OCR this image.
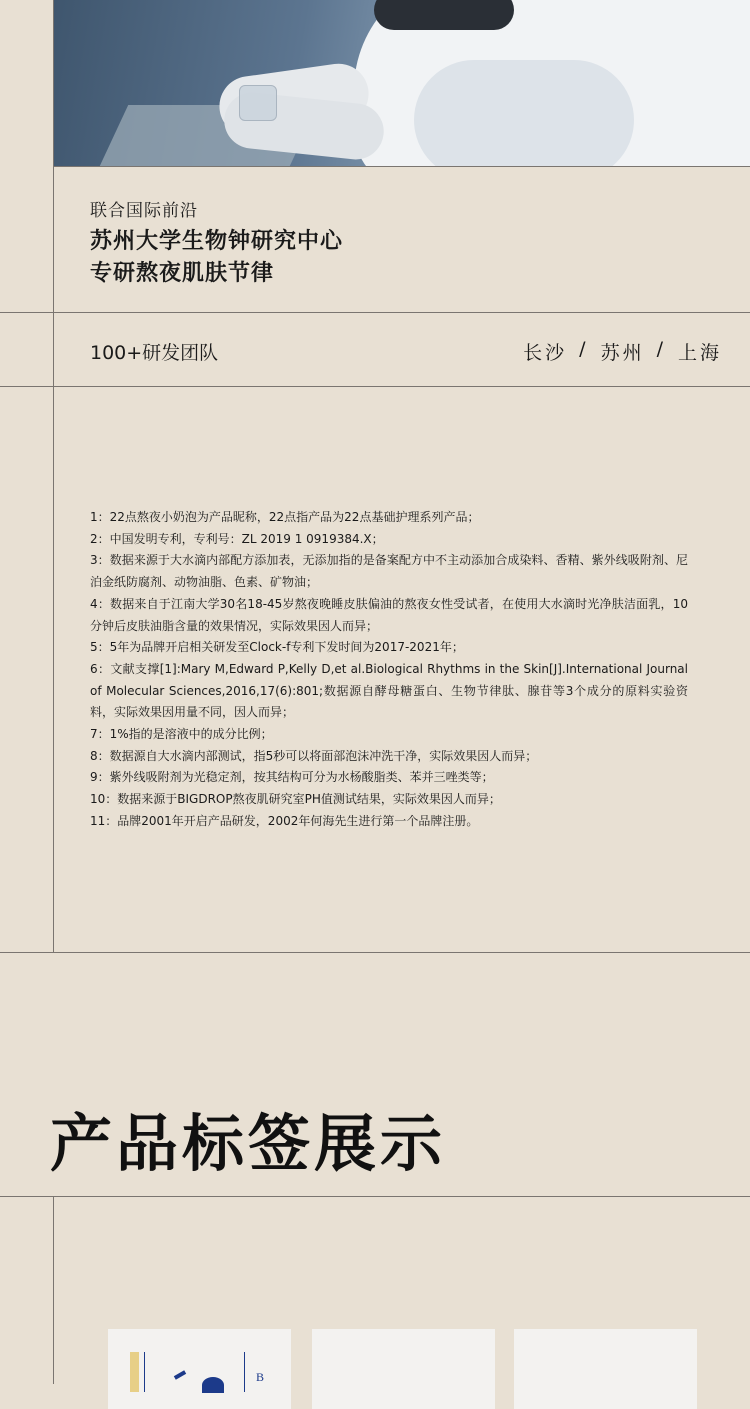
联合国际前沿
苏州大学生物钟研究中心
专研熬夜肌肤节律
100+研发团队	长沙 / 苏州 / 上海

1：22点熬夜小奶泡为产品昵称，22点指产品为22点基础护理系列产品；

2：中国发明专利，专利号：ZL 2019 1 0919384.X；

3：数据来源于大水滴内部配方添加表，无添加指的是备案配方中不主动添加合成染料、香精、紫外线吸附剂、尼泊金纸防腐剂、动物油脂、色素、矿物油；

4：数据来自于江南大学30名18-45岁熬夜晚睡皮肤偏油的熬夜女性受试者，在使用大水滴时光净肤洁面乳，10分钟后皮肤油脂含量的效果情况，实际效果因人而异；

5：5年为品牌开启相关研发至Clock-f专利下发时间为2017-2021年；

6：文献支撑[1]:Mary M,Edward P,Kelly D,et al.Biological Rhythms in the Skin[J].International Journal of Molecular Sciences,2016,17(6):801;数据源自酵母糖蛋白、生物节律肽、腺苷等3个成分的原料实验资料，实际效果因用量不同，因人而异；

7：1%指的是溶液中的成分比例；

8：数据源自大水滴内部测试，指5秒可以将面部泡沫冲洗干净，实际效果因人而异；

9：紫外线吸附剂为光稳定剂，按其结构可分为水杨酸脂类、苯并三唑类等；

10：数据来源于BIGDROP熬夜肌研究室PH值测试结果，实际效果因人而异；

11：品牌2001年开启产品研发，2002年何海先生进行第一个品牌注册。

产品标签展示
B
